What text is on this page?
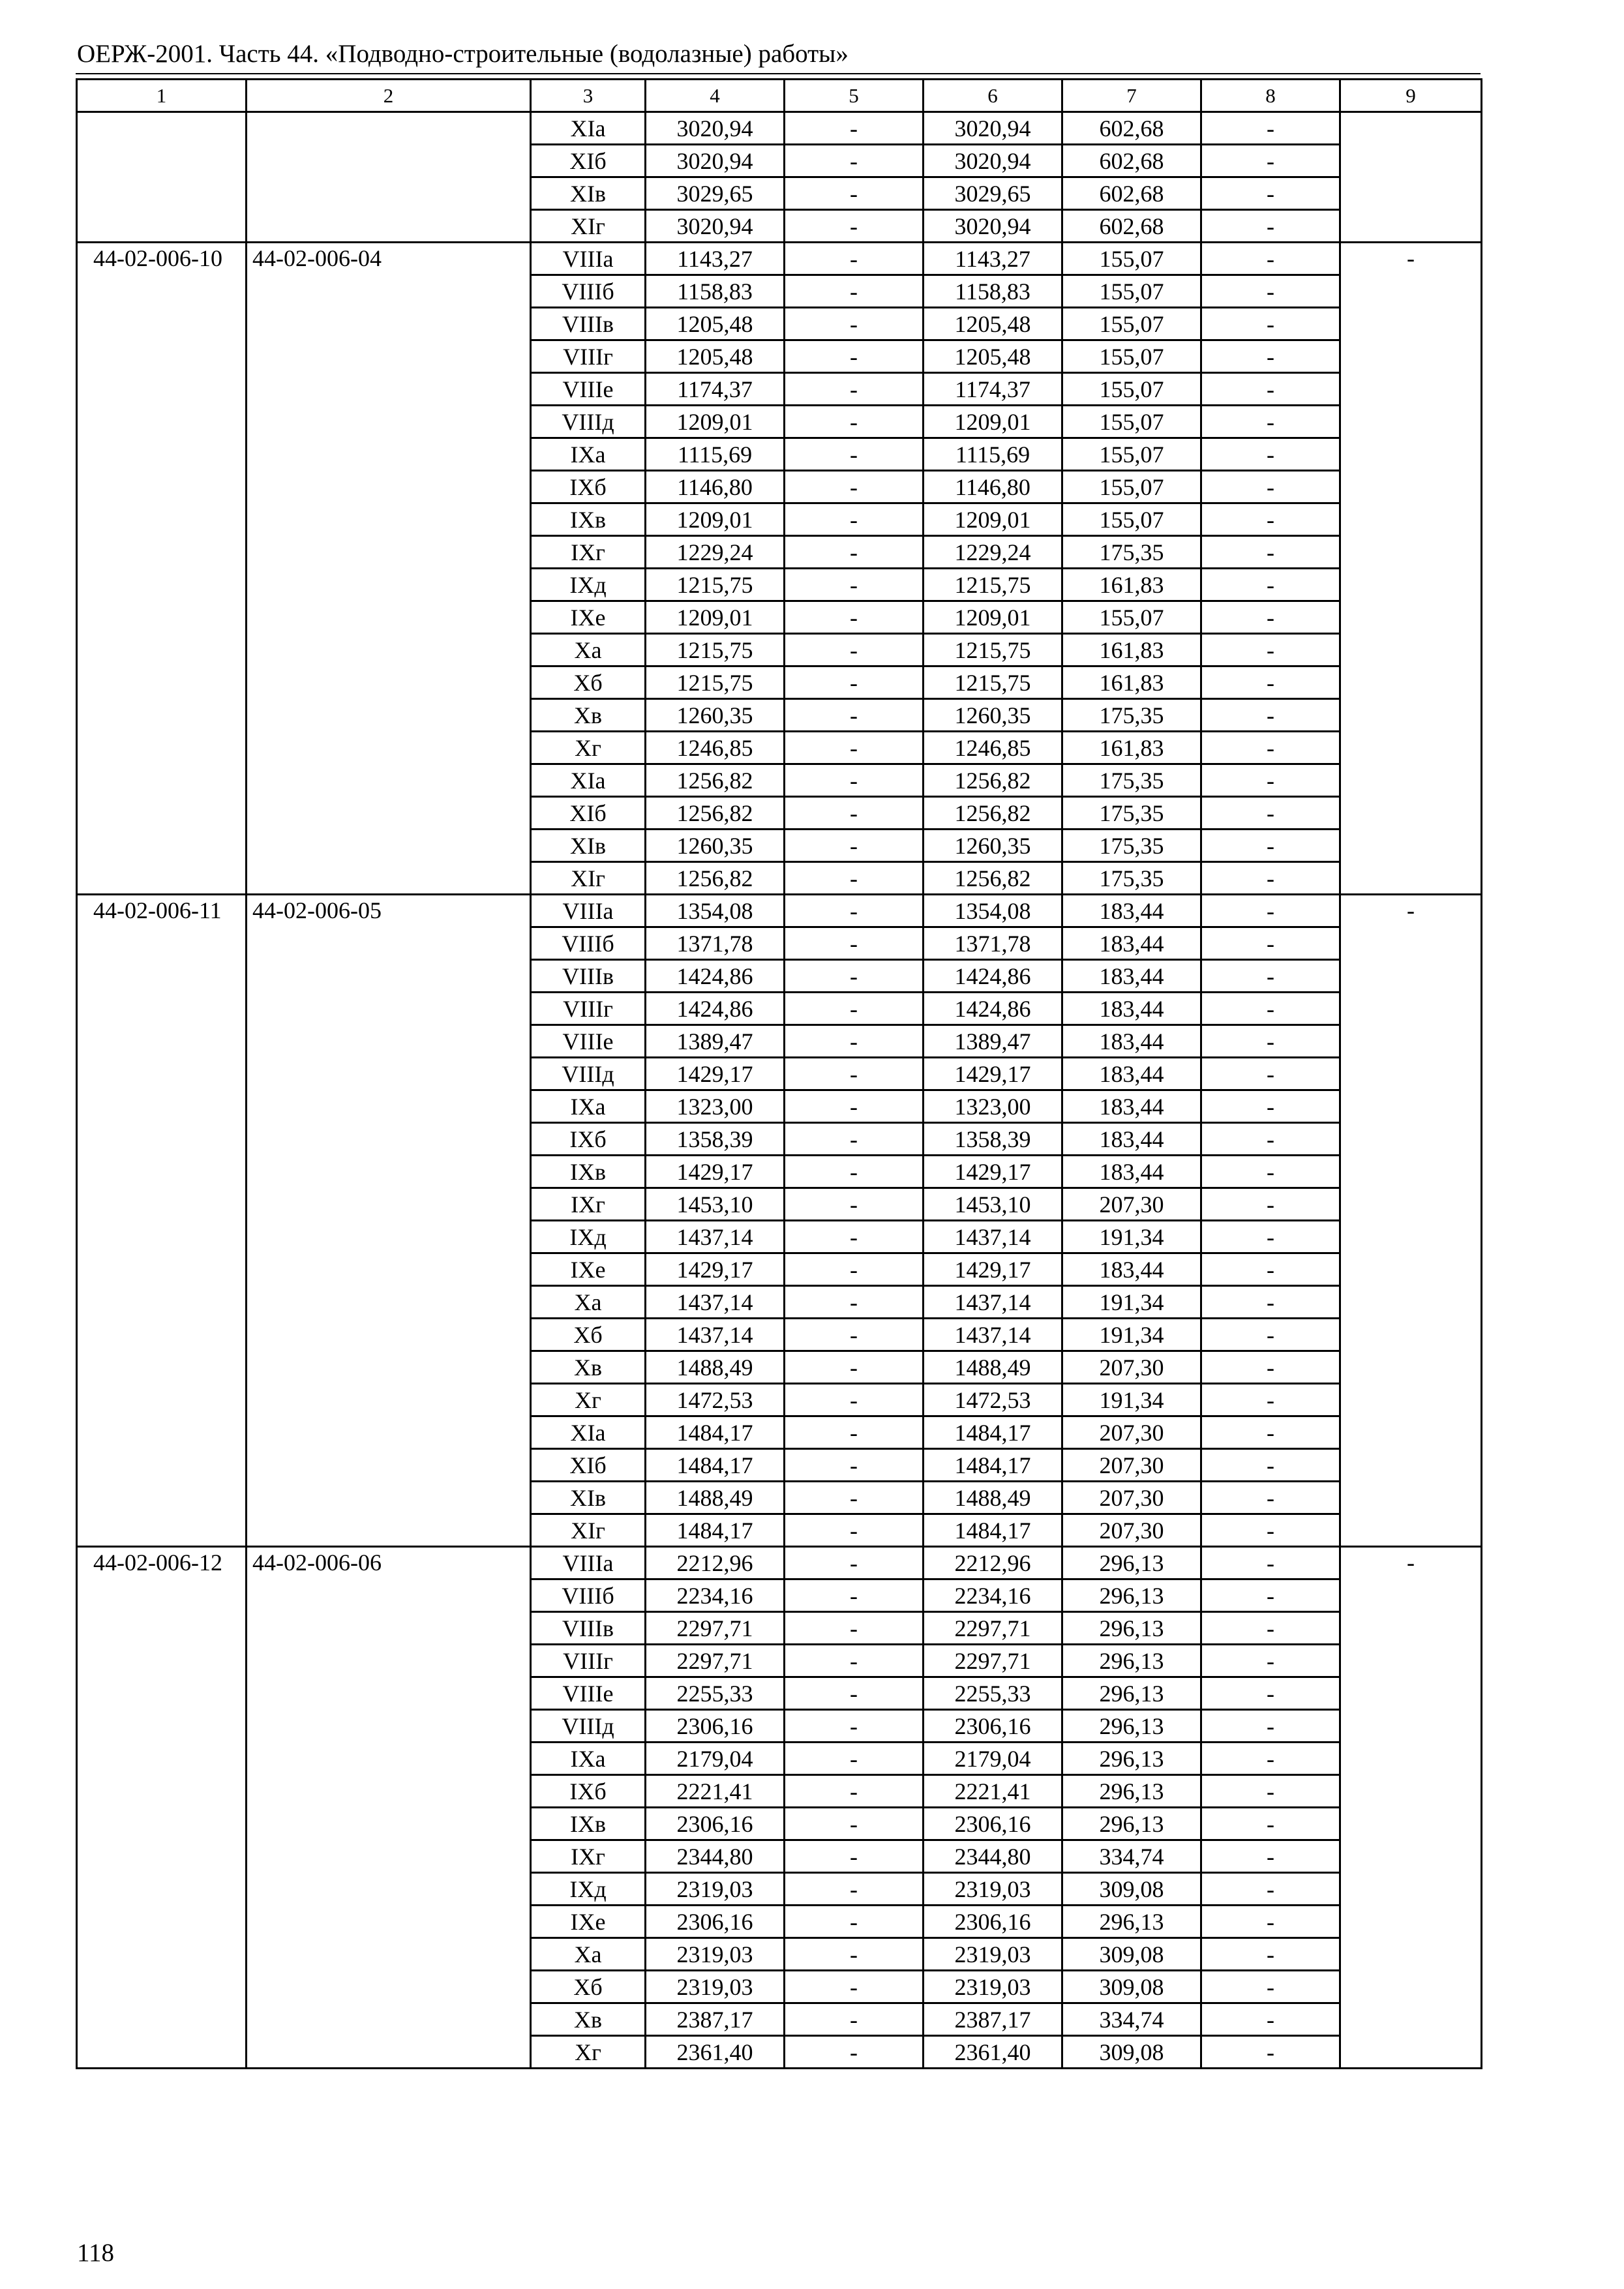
ОЕРЖ-2001. Часть 44. «Подводно-строительные (водолазные) работы»
1	2	3	4	5	6	7	8	9
		XIа	3020,94	-	3020,94	602,68	-	
		XIб	3020,94	-	3020,94	602,68	-	
		XIв	3029,65	-	3029,65	602,68	-	
		XIг	3020,94	-	3020,94	602,68	-	
44-02-006-10	44-02-006-04	VIIIа	1143,27	-	1143,27	155,07	-	-
		VIIIб	1158,83	-	1158,83	155,07	-	
		VIIIв	1205,48	-	1205,48	155,07	-	
		VIIIг	1205,48	-	1205,48	155,07	-	
		VIIIе	1174,37	-	1174,37	155,07	-	
		VIIIд	1209,01	-	1209,01	155,07	-	
		IXа	1115,69	-	1115,69	155,07	-	
		IXб	1146,80	-	1146,80	155,07	-	
		IXв	1209,01	-	1209,01	155,07	-	
		IXг	1229,24	-	1229,24	175,35	-	
		IXд	1215,75	-	1215,75	161,83	-	
		IXе	1209,01	-	1209,01	155,07	-	
		Xа	1215,75	-	1215,75	161,83	-	
		Xб	1215,75	-	1215,75	161,83	-	
		Xв	1260,35	-	1260,35	175,35	-	
		Xг	1246,85	-	1246,85	161,83	-	
		XIа	1256,82	-	1256,82	175,35	-	
		XIб	1256,82	-	1256,82	175,35	-	
		XIв	1260,35	-	1260,35	175,35	-	
		XIг	1256,82	-	1256,82	175,35	-	
44-02-006-11	44-02-006-05	VIIIа	1354,08	-	1354,08	183,44	-	-
		VIIIб	1371,78	-	1371,78	183,44	-	
		VIIIв	1424,86	-	1424,86	183,44	-	
		VIIIг	1424,86	-	1424,86	183,44	-	
		VIIIе	1389,47	-	1389,47	183,44	-	
		VIIIд	1429,17	-	1429,17	183,44	-	
		IXа	1323,00	-	1323,00	183,44	-	
		IXб	1358,39	-	1358,39	183,44	-	
		IXв	1429,17	-	1429,17	183,44	-	
		IXг	1453,10	-	1453,10	207,30	-	
		IXд	1437,14	-	1437,14	191,34	-	
		IXе	1429,17	-	1429,17	183,44	-	
		Xа	1437,14	-	1437,14	191,34	-	
		Xб	1437,14	-	1437,14	191,34	-	
		Xв	1488,49	-	1488,49	207,30	-	
		Xг	1472,53	-	1472,53	191,34	-	
		XIа	1484,17	-	1484,17	207,30	-	
		XIб	1484,17	-	1484,17	207,30	-	
		XIв	1488,49	-	1488,49	207,30	-	
		XIг	1484,17	-	1484,17	207,30	-	
44-02-006-12	44-02-006-06	VIIIа	2212,96	-	2212,96	296,13	-	-
		VIIIб	2234,16	-	2234,16	296,13	-	
		VIIIв	2297,71	-	2297,71	296,13	-	
		VIIIг	2297,71	-	2297,71	296,13	-	
		VIIIе	2255,33	-	2255,33	296,13	-	
		VIIIд	2306,16	-	2306,16	296,13	-	
		IXа	2179,04	-	2179,04	296,13	-	
		IXб	2221,41	-	2221,41	296,13	-	
		IXв	2306,16	-	2306,16	296,13	-	
		IXг	2344,80	-	2344,80	334,74	-	
		IXд	2319,03	-	2319,03	309,08	-	
		IXе	2306,16	-	2306,16	296,13	-	
		Xа	2319,03	-	2319,03	309,08	-	
		Xб	2319,03	-	2319,03	309,08	-	
		Xв	2387,17	-	2387,17	334,74	-	
		Xг	2361,40	-	2361,40	309,08	-	
118
